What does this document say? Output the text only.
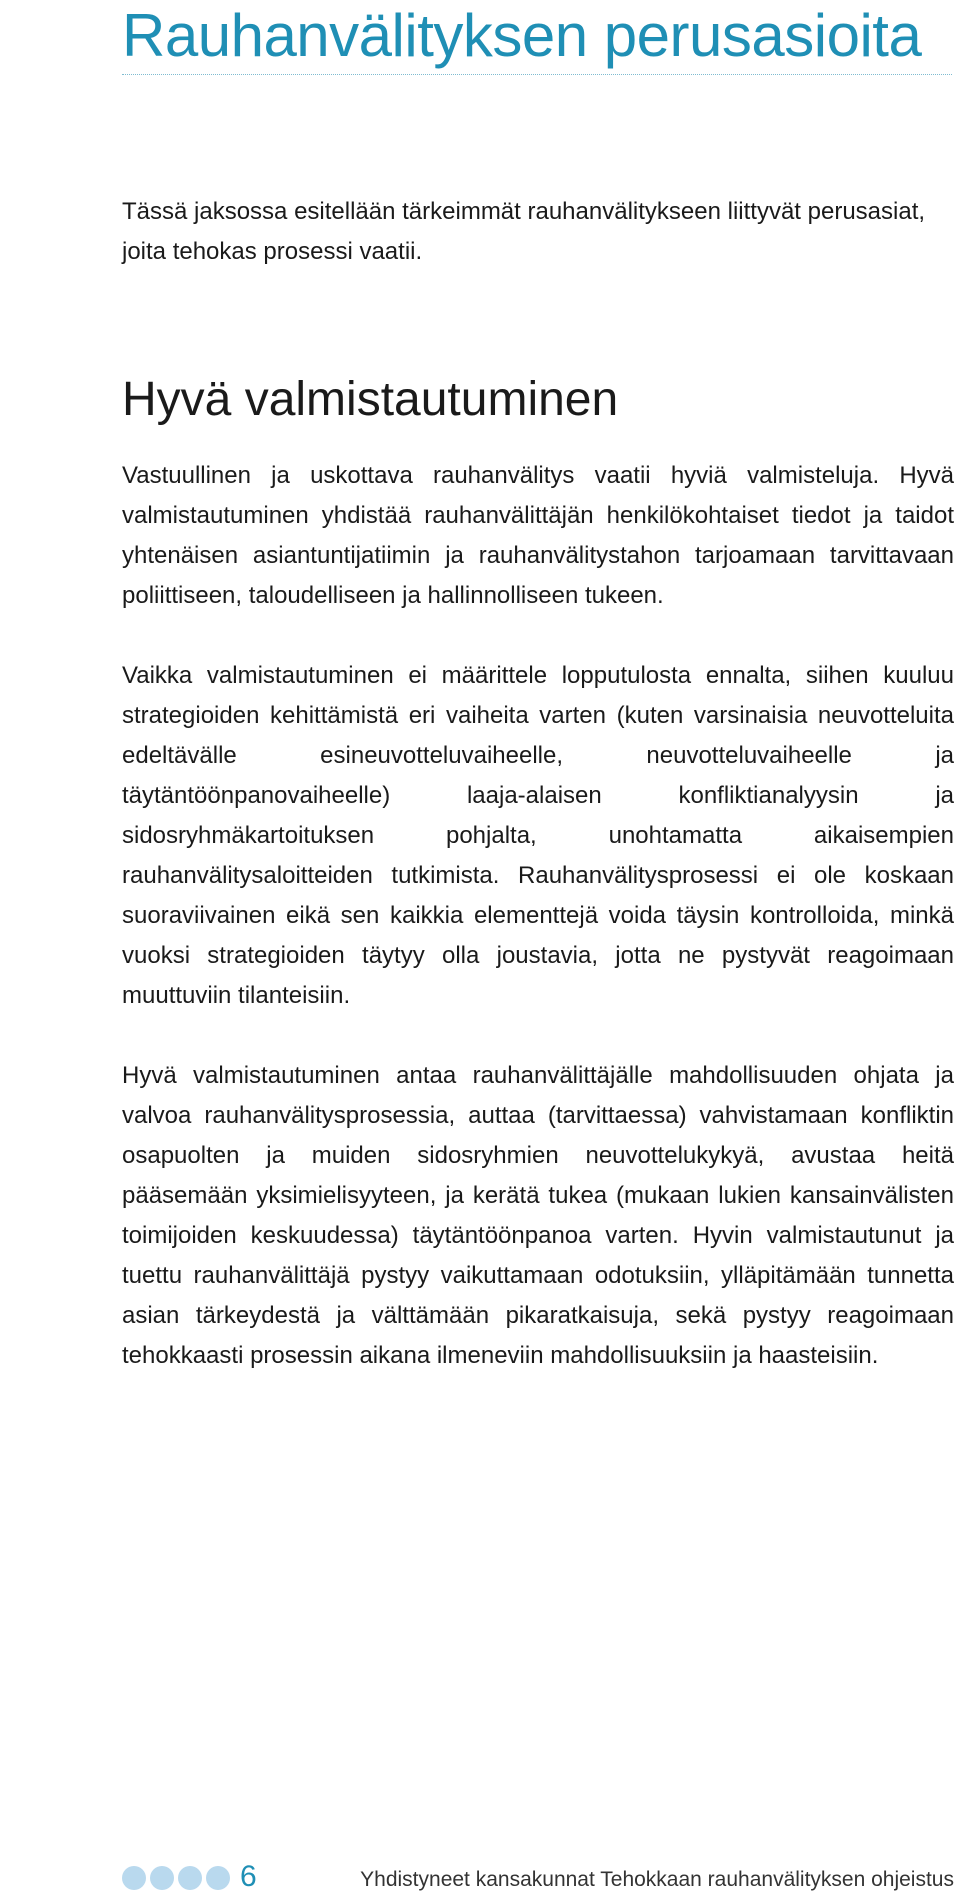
Rauhanvälityksen perusasioita

Tässä jaksossa esitellään tärkeimmät rauhanvälitykseen liittyvät perusasiat, joita tehokas prosessi vaatii.

Hyvä valmistautuminen

Vastuullinen ja uskottava rauhanvälitys vaatii hyviä valmisteluja. Hyvä valmistautuminen yhdistää rauhanvälittäjän henkilökohtaiset tiedot ja taidot yhtenäisen asiantuntijatiimin ja rauhanvälitystahon tarjoamaan tarvittavaan poliittiseen, taloudelliseen ja hallinnolliseen tukeen.

Vaikka valmistautuminen ei määrittele lopputulosta ennalta, siihen kuuluu strategioiden kehittämistä eri vaiheita varten (kuten varsinaisia neuvotteluita edeltävälle esineuvotteluvaiheelle, neuvotteluvaiheelle ja täytäntöönpanovaiheelle) laaja-alaisen konfliktianalyysin ja sidosryhmäkartoituksen pohjalta, unohtamatta aikaisempien rauhanvälitysaloitteiden tutkimista. Rauhanvälitysprosessi ei ole koskaan suoraviivainen eikä sen kaikkia elementtejä voida täysin kontrolloida, minkä vuoksi strategioiden täytyy olla joustavia, jotta ne pystyvät reagoimaan muuttuviin tilanteisiin.

Hyvä valmistautuminen antaa rauhanvälittäjälle mahdollisuuden ohjata ja valvoa rauhanvälitysprosessia, auttaa (tarvittaessa) vahvistamaan konfliktin osapuolten ja muiden sidosryhmien neuvottelukykyä, avustaa heitä pääsemään yksimielisyyteen, ja kerätä tukea (mukaan lukien kansainvälisten toimijoiden keskuudessa) täytäntöönpanoa varten. Hyvin valmistautunut ja tuettu rauhanvälittäjä pystyy vaikuttamaan odotuksiin, ylläpitämään tunnetta asian tärkeydestä ja välttämään pikaratkaisuja, sekä pystyy reagoimaan tehokkaasti prosessin aikana ilmeneviin mahdollisuuksiin ja haasteisiin.

6	Yhdistyneet kansakunnat Tehokkaan rauhanvälityksen ohjeistus
